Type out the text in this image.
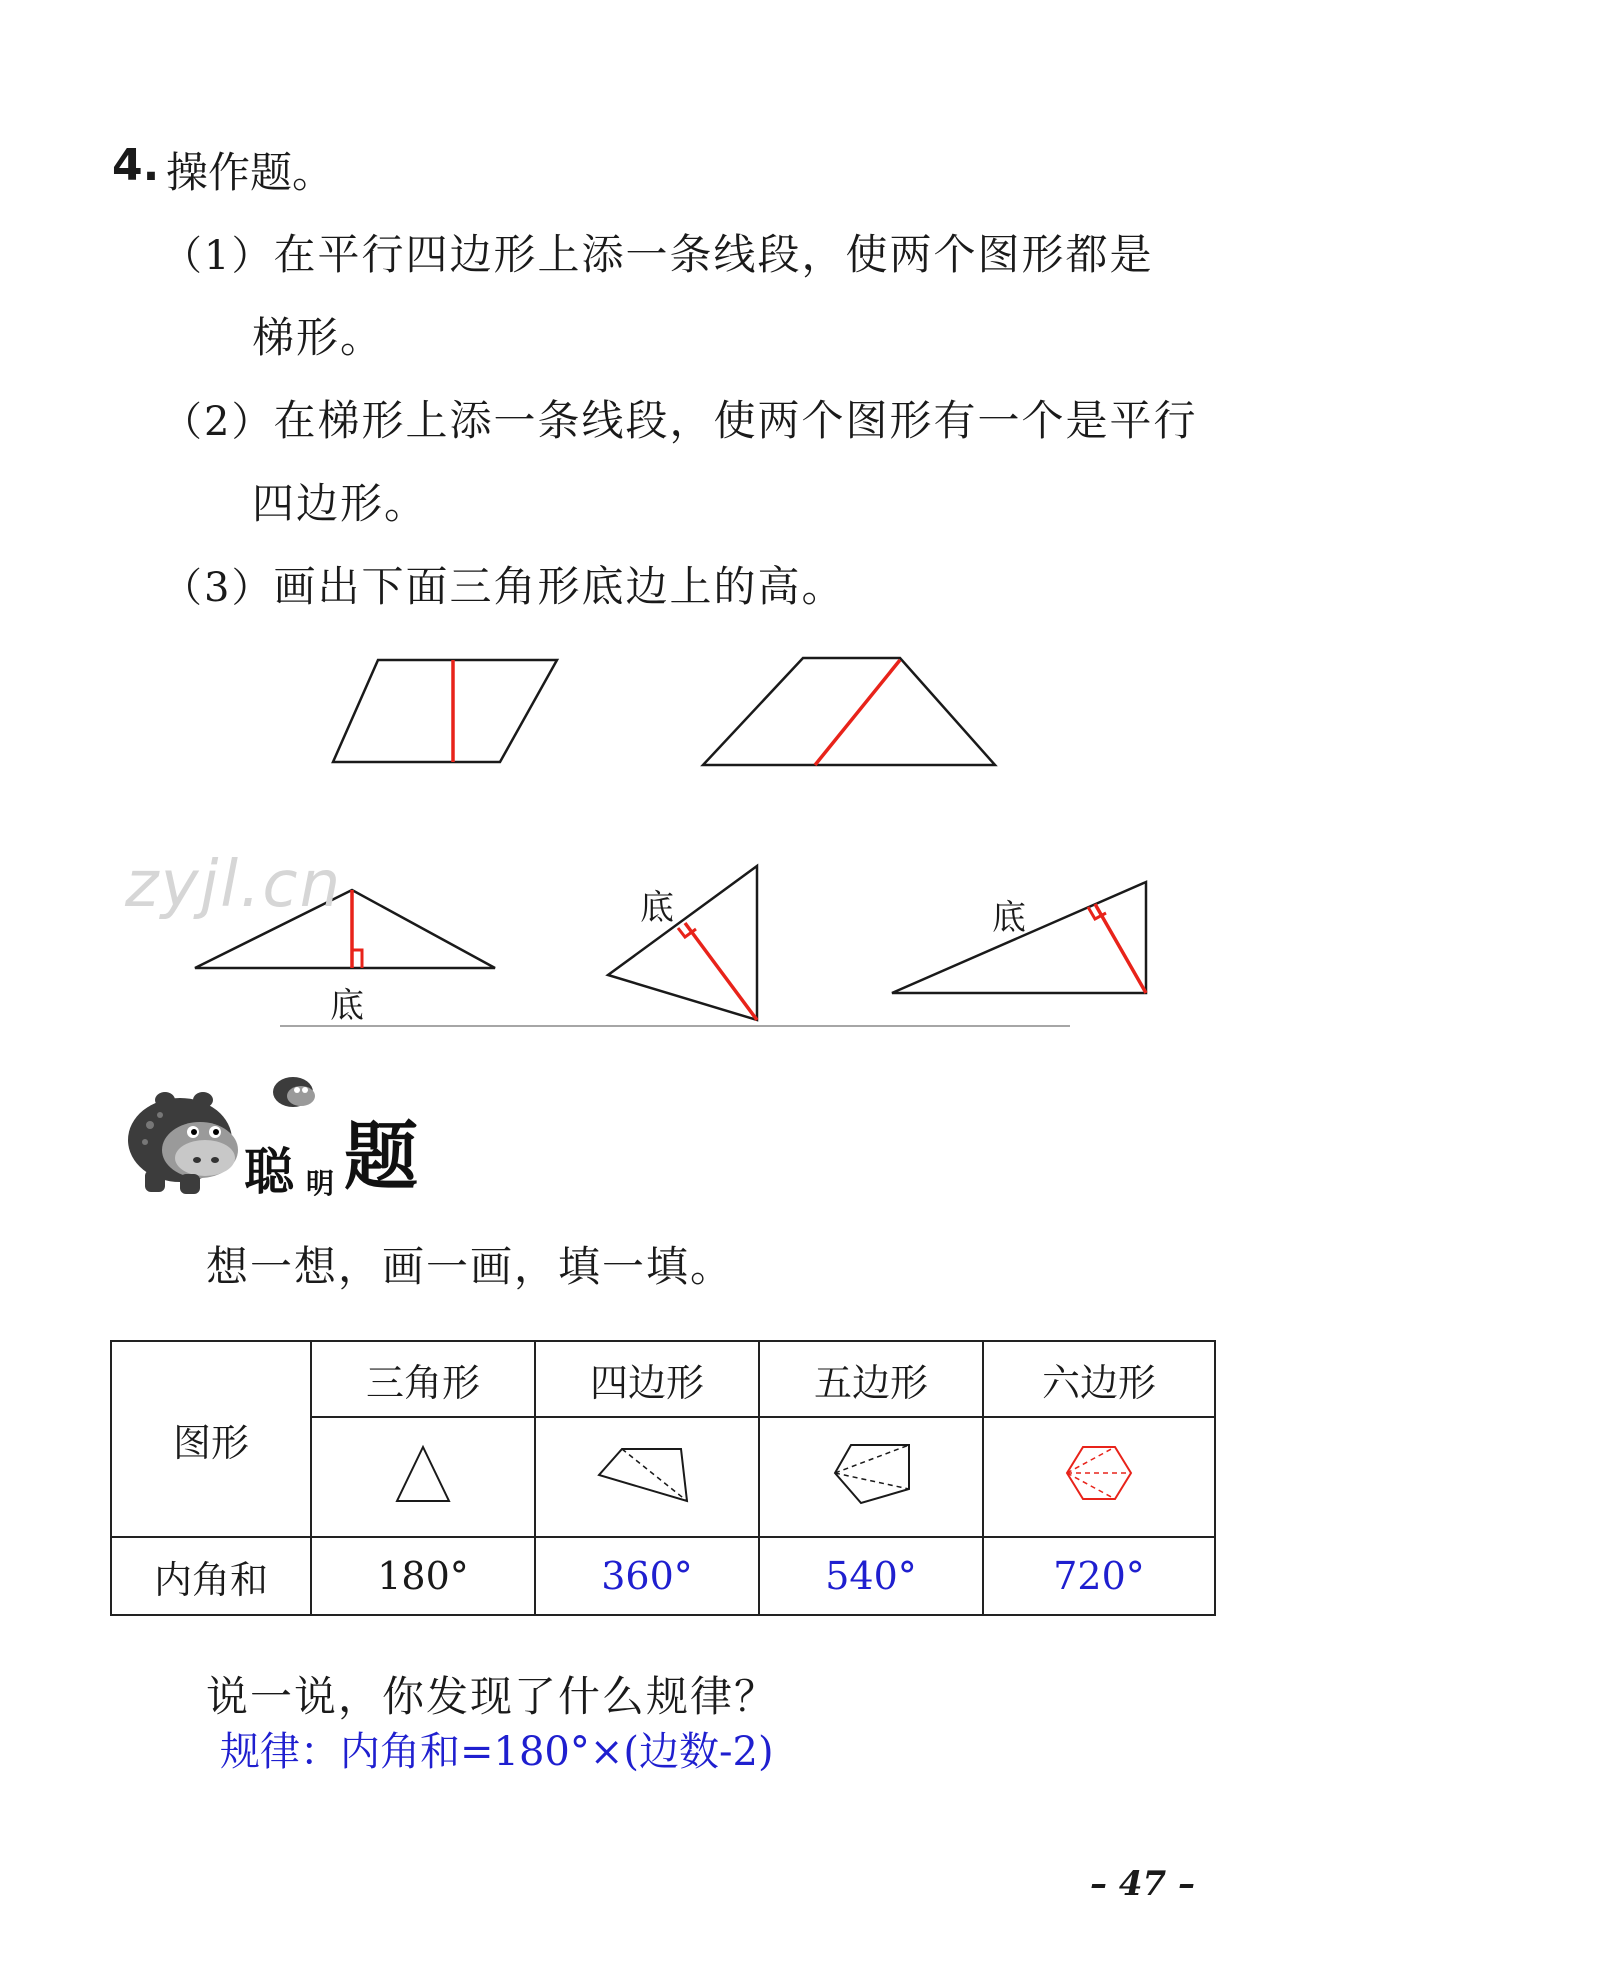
4. 操作题。
（1）在平行四边形上添一条线段，使两个图形都是
梯形。
（2）在梯形上添一条线段，使两个图形有一个是平行
四边形。
（3）画出下面三角形底边上的高。
底
底	底
zyjl.cn
聪 明 题
想一想，画一画，填一填。
图形	三角形	四边形	五边形	六边形

内角和	180°	360°	540°	720°
说一说，你发现了什么规律？
规律：内角和=180°×(边数-2)
– 47 –
